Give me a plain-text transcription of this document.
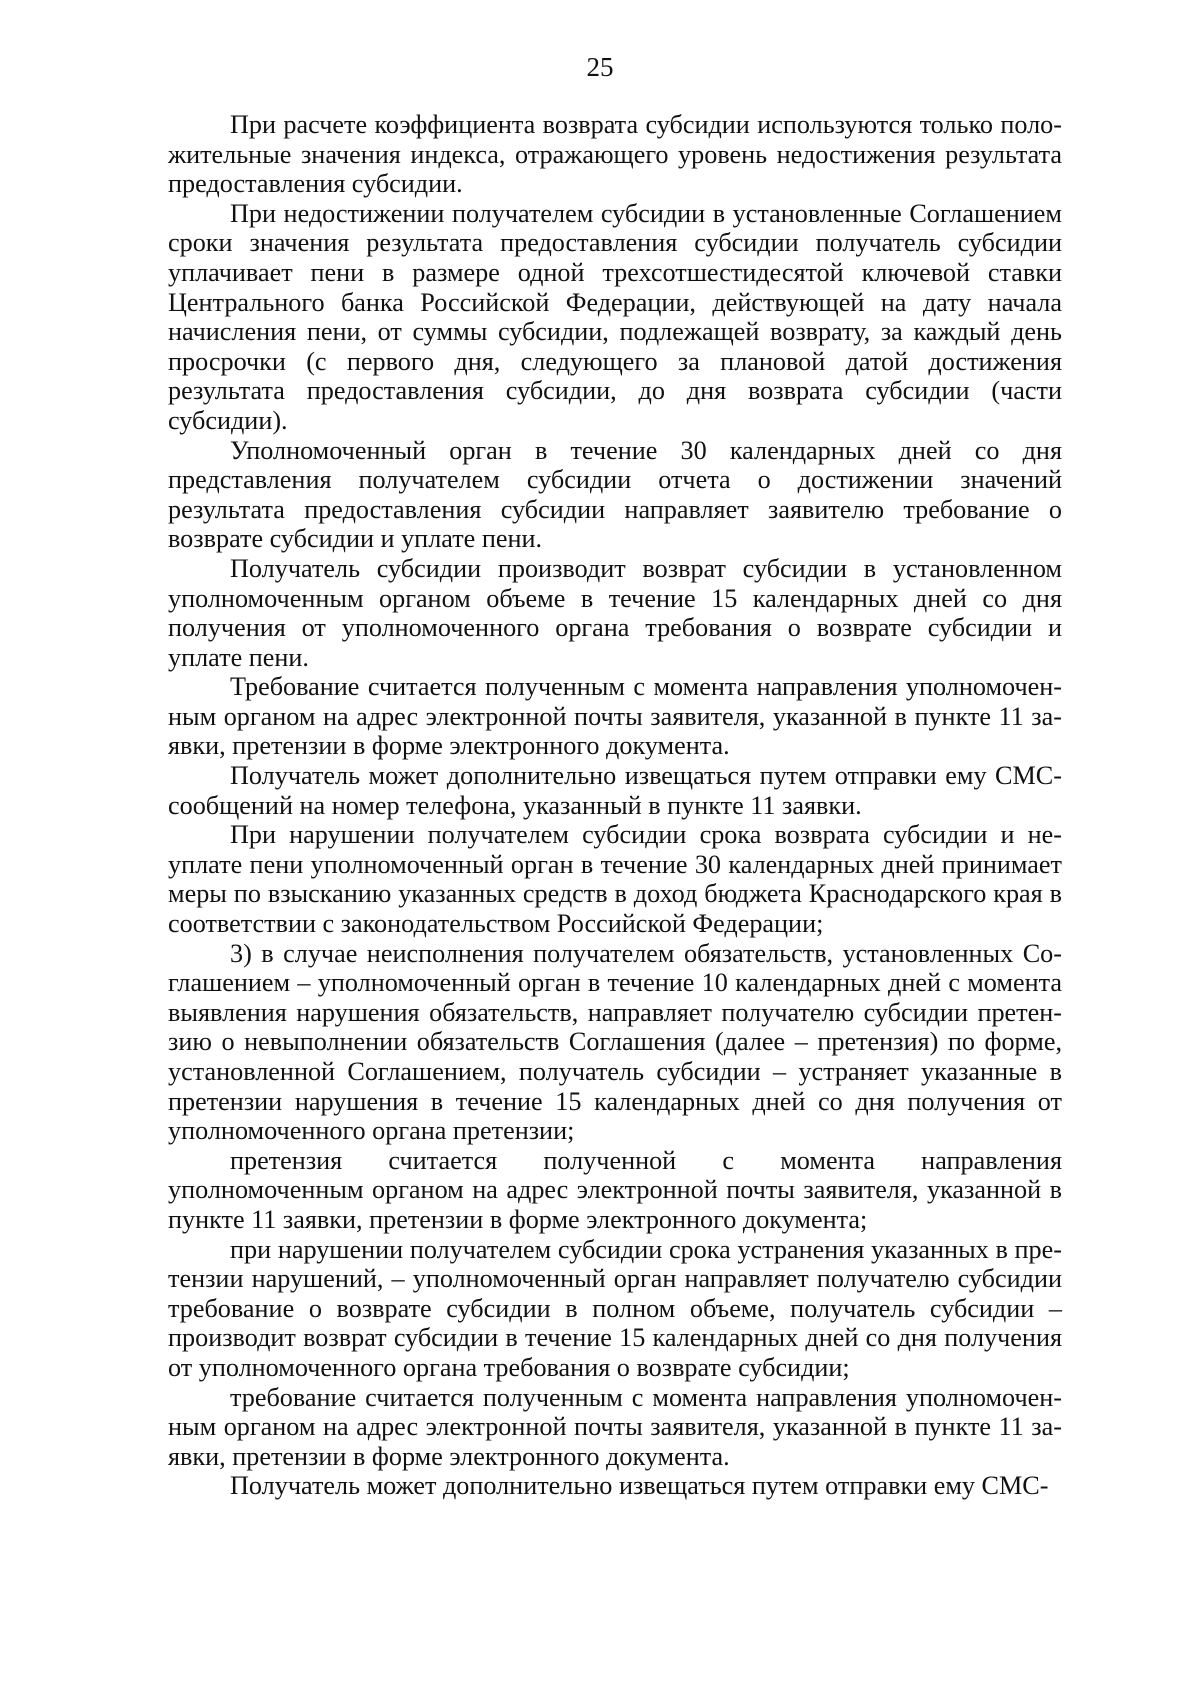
25

При расчете коэффициента возврата субсидии используются только положительные значения индекса, отражающего уровень недостижения результата предоставления субсидии.

При недостижении получателем субсидии в установленные Соглашением сроки значения результата предоставления субсидии получатель субсидии уплачивает пени в размере одной трехсотшестидесятой ключевой ставки Центрального банка Российской Федерации, действующей на дату начала начисления пени, от суммы субсидии, подлежащей возврату, за каждый день просрочки (с первого дня, следующего за плановой датой достижения результата предоставления субсидии, до дня возврата субсидии (части субсидии).

Уполномоченный орган в течение 30 календарных дней со дня представления получателем субсидии отчета о достижении значений результата предоставления субсидии направляет заявителю требование о возврате субсидии и уплате пени.

Получатель субсидии производит возврат субсидии в установленном уполномоченным органом объеме в течение 15 календарных дней со дня получения от уполномоченного органа требования о возврате субсидии и уплате пени.

Требование считается полученным с момента направления уполномоченным органом на адрес электронной почты заявителя, указанной в пункте 11 заявки, претензии в форме электронного документа.

Получатель может дополнительно извещаться путем отправки ему СМС-сообщений на номер телефона, указанный в пункте 11 заявки.

При нарушении получателем субсидии срока возврата субсидии и неуплате пени уполномоченный орган в течение 30 календарных дней принимает меры по взысканию указанных средств в доход бюджета Краснодарского края в соответствии с законодательством Российской Федерации;

3) в случае неисполнения получателем обязательств, установленных Соглашением – уполномоченный орган в течение 10 календарных дней с момента выявления нарушения обязательств, направляет получателю субсидии претензию о невыполнении обязательств Соглашения (далее – претензия) по форме, установленной Соглашением, получатель субсидии – устраняет указанные в претензии нарушения в течение 15 календарных дней со дня получения от уполномоченного органа претензии;

претензия считается полученной с момента направления уполномоченным органом на адрес электронной почты заявителя, указанной в пункте 11 заявки, претензии в форме электронного документа;

при нарушении получателем субсидии срока устранения указанных в претензии нарушений, – уполномоченный орган направляет получателю субсидии требование о возврате субсидии в полном объеме, получатель субсидии – производит возврат субсидии в течение 15 календарных дней со дня получения от уполномоченного органа требования о возврате субсидии;

требование считается полученным с момента направления уполномоченным органом на адрес электронной почты заявителя, указанной в пункте 11 заявки, претензии в форме электронного документа.

Получатель может дополнительно извещаться путем отправки ему СМС-
